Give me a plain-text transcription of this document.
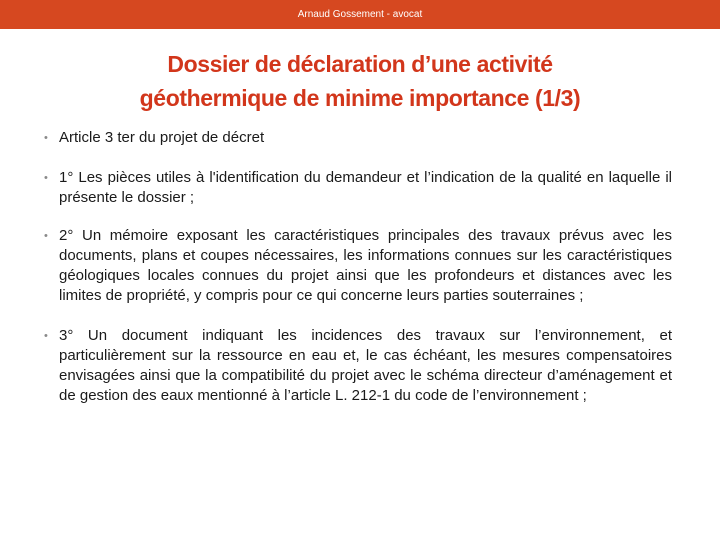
Arnaud Gossement - avocat
Dossier de déclaration d’une activité
géothermique de minime importance (1/3)
• Article 3 ter du projet de décret
• 1° Les pièces utiles à l'identification du demandeur et l’indication de la qualité en laquelle il présente le dossier ;
• 2° Un mémoire exposant les caractéristiques principales des travaux prévus avec les documents, plans et coupes nécessaires, les informations connues sur les caractéristiques géologiques locales connues du projet ainsi que les profondeurs et distances avec les limites de propriété, y compris pour ce qui concerne leurs parties souterraines ;
• 3° Un document indiquant les incidences des travaux sur l’environnement, et particulièrement sur la ressource en eau et, le cas échéant, les mesures compensatoires envisagées ainsi que la compatibilité du projet avec le schéma directeur d’aménagement et de gestion des eaux mentionné à l’article L. 212-1 du code de l’environnement ;
